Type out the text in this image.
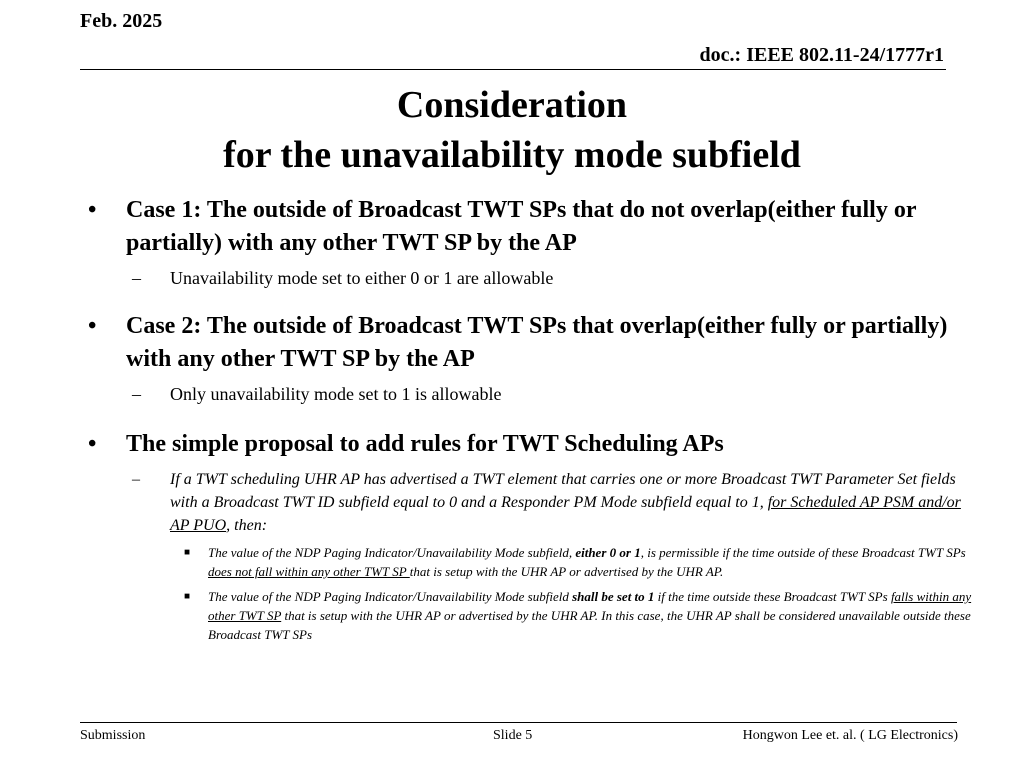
Feb. 2025
doc.: IEEE 802.11-24/1777r1
Consideration
for the unavailability mode subfield
• Case 1: The outside of Broadcast TWT SPs that do not overlap(either fully or partially) with any other TWT SP by the AP
– Unavailability mode set to either 0 or 1 are allowable
• Case 2: The outside of Broadcast TWT SPs that overlap(either fully or partially) with any other TWT SP by the AP
– Only unavailability mode set to 1 is allowable
• The simple proposal to add rules for TWT Scheduling APs
– If a TWT scheduling UHR AP has advertised a TWT element that carries one or more Broadcast TWT Parameter Set fields with a Broadcast TWT ID subfield equal to 0 and a Responder PM Mode subfield equal to 1, for Scheduled AP PSM and/or AP PUO, then:
■ The value of the NDP Paging Indicator/Unavailability Mode subfield, either 0 or 1, is permissible if the time outside of these Broadcast TWT SPs does not fall within any other TWT SP that is setup with the UHR AP or advertised by the UHR AP.
■ The value of the NDP Paging Indicator/Unavailability Mode subfield shall be set to 1 if the time outside these Broadcast TWT SPs falls within any other TWT SP that is setup with the UHR AP or advertised by the UHR AP. In this case, the UHR AP shall be considered unavailable outside these Broadcast TWT SPs
Submission	Slide 5	Hongwon Lee et. al. ( LG Electronics)
